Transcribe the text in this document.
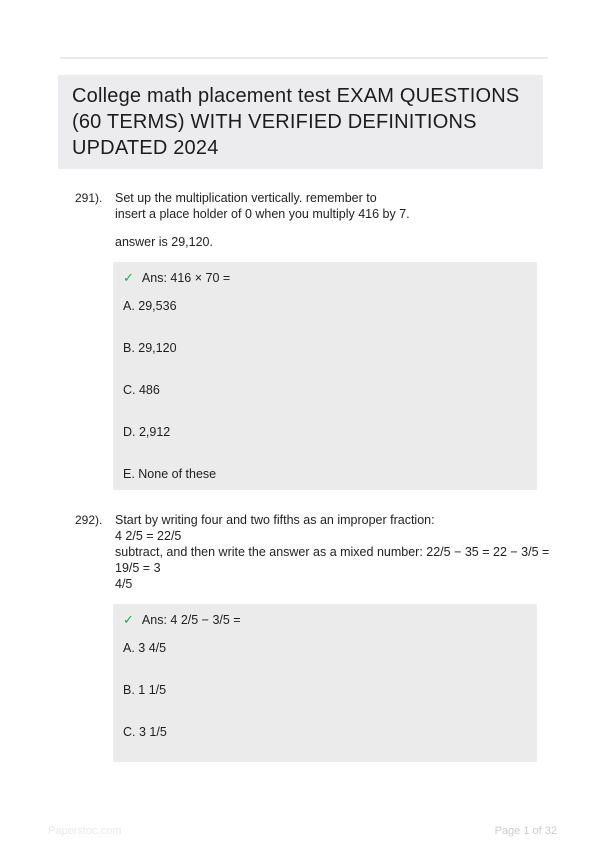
College math placement test EXAM QUESTIONS (60 TERMS) WITH VERIFIED DEFINITIONS UPDATED 2024
291).	Set up the multiplication vertically. remember to
insert a place holder of 0 when you multiply 416 by 7.
answer is 29,120.
✓ Ans: 416 × 70 =
A. 29,536
B. 29,120
C. 486
D. 2,912
E. None of these
292).	Start by writing four and two fifths as an improper fraction:
4 2/5 = 22/5
subtract, and then write the answer as a mixed number: 22/5 − 35 = 22 − 3/5 = 19/5 = 3
4/5
✓ Ans: 4 2/5 − 3/5 =
A. 3 4/5
B. 1 1/5
C. 3 1/5
Paperstoc.com	Page 1 of 32
